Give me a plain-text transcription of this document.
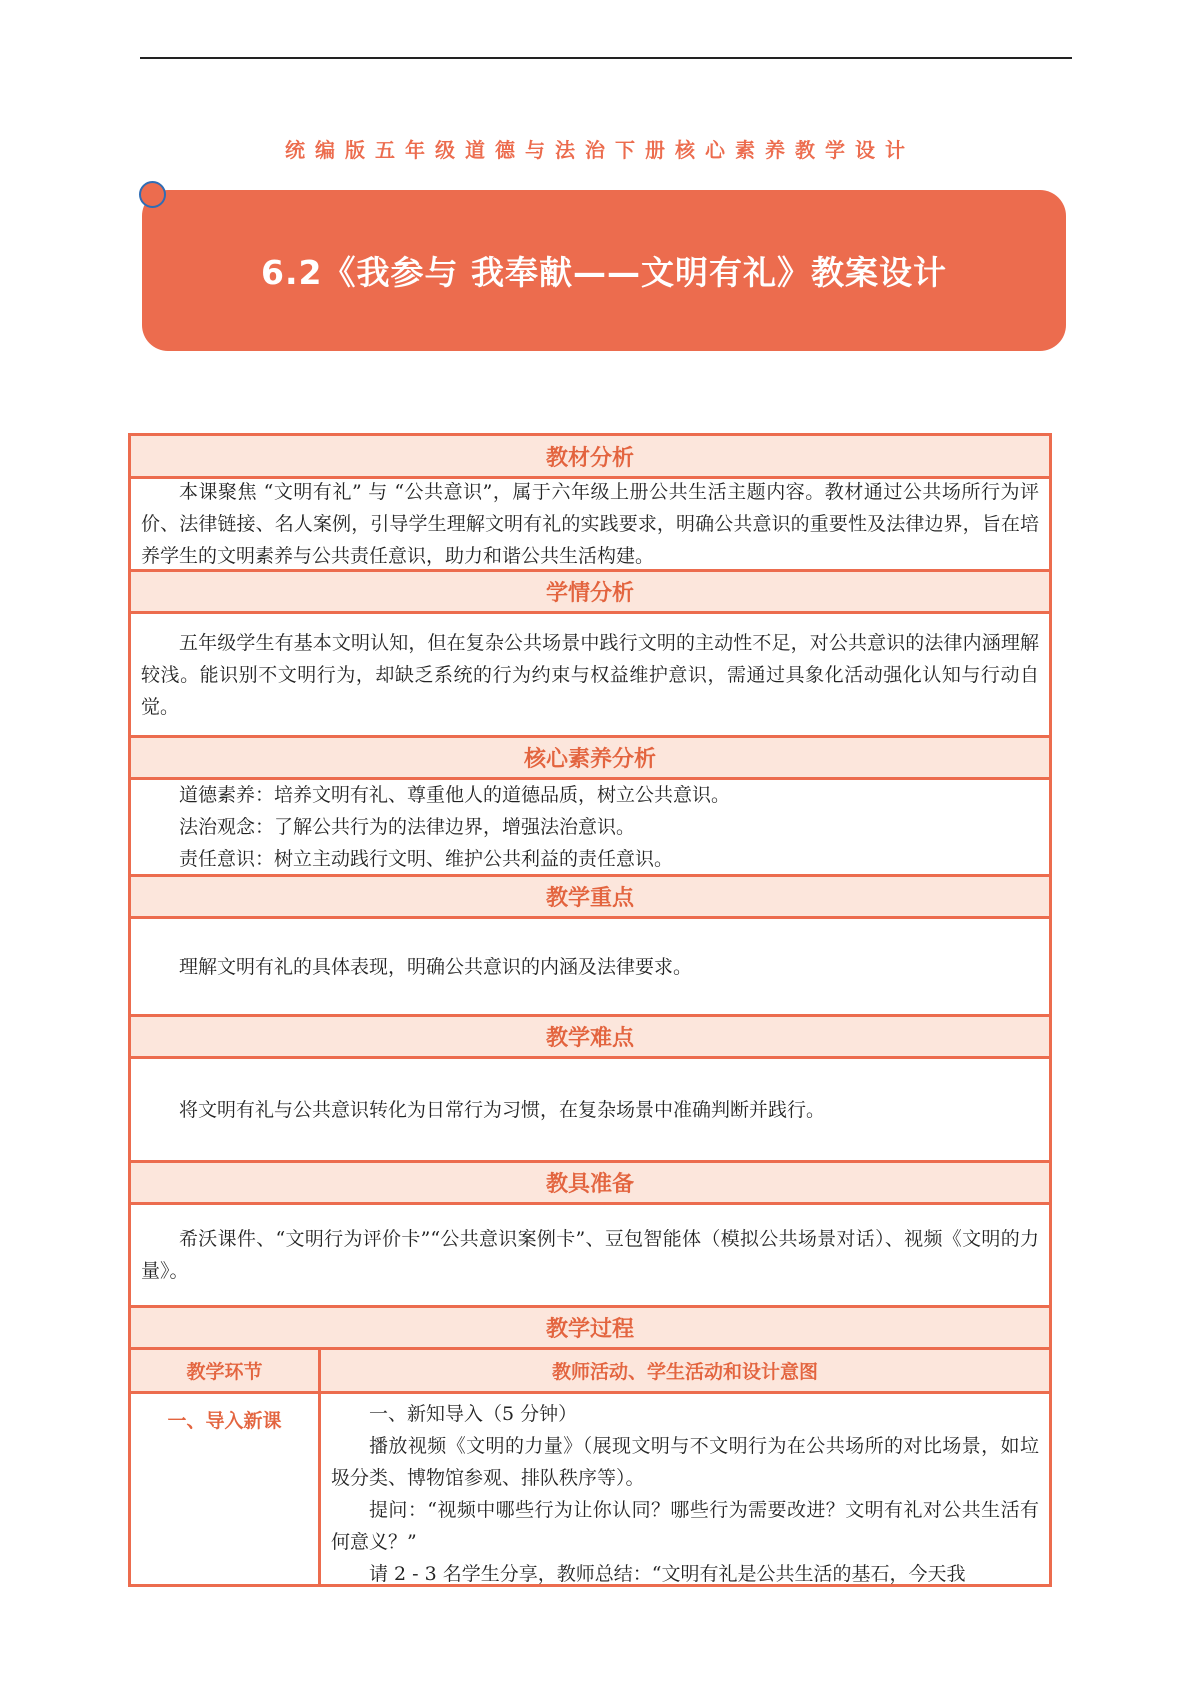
统编版五年级道德与法治下册核心素养教学设计
6.2《我参与 我奉献——文明有礼》教案设计
教材分析

本课聚焦 “文明有礼” 与 “公共意识”，属于六年级上册公共生活主题内容。教材通过公共场所行为评价、法律链接、名人案例，引导学生理解文明有礼的实践要求，明确公共意识的重要性及法律边界，旨在培养学生的文明素养与公共责任意识，助力和谐公共生活构建。

学情分析

五年级学生有基本文明认知，但在复杂公共场景中践行文明的主动性不足，对公共意识的法律内涵理解较浅。能识别不文明行为，却缺乏系统的行为约束与权益维护意识，需通过具象化活动强化认知与行动自觉。

核心素养分析

道德素养：培养文明有礼、尊重他人的道德品质，树立公共意识。

法治观念：了解公共行为的法律边界，增强法治意识。

责任意识：树立主动践行文明、维护公共利益的责任意识。

教学重点

理解文明有礼的具体表现，明确公共意识的内涵及法律要求。

教学难点

将文明有礼与公共意识转化为日常行为习惯，在复杂场景中准确判断并践行。

教具准备

希沃课件、“文明行为评价卡”“公共意识案例卡”、豆包智能体（模拟公共场景对话）、视频《文明的力量》。

教学过程
教学环节	教师活动、学生活动和设计意图
一、导入新课	一、新知导入（5 分钟）

播放视频《文明的力量》（展现文明与不文明行为在公共场所的对比场景，如垃圾分类、博物馆参观、排队秩序等）。

提问：“视频中哪些行为让你认同？哪些行为需要改进？文明有礼对公共生活有何意义？”

请 2 - 3 名学生分享，教师总结：“文明有礼是公共生活的基石，今天我
